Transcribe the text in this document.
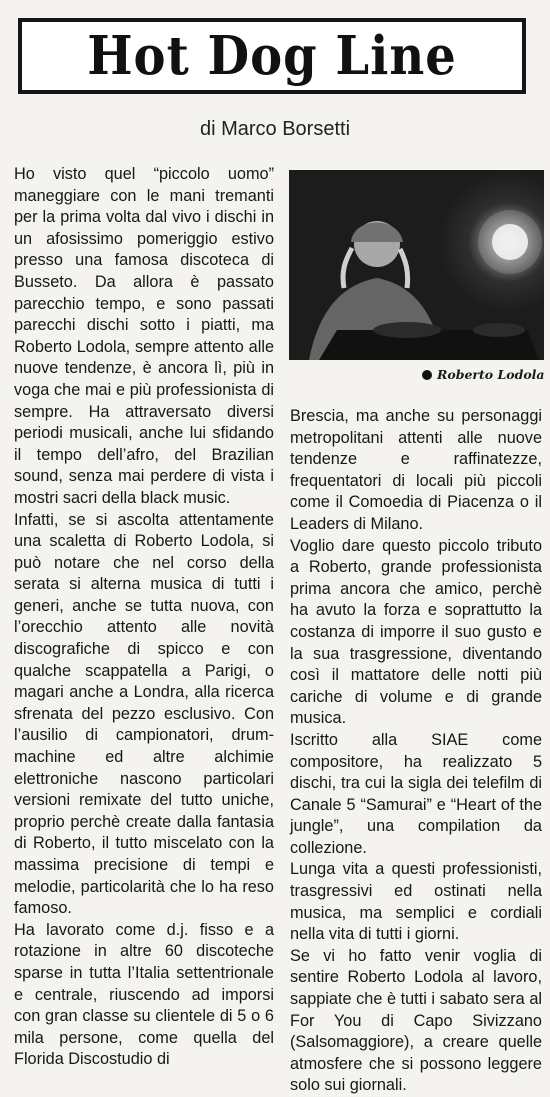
Hot Dog Line
di Marco Borsetti

Ho visto quel “piccolo uomo” maneggiare con le mani tremanti per la prima volta dal vivo i dischi in un afosissimo pomeriggio estivo presso una famosa discoteca di Busseto. Da allora è passato parecchio tempo, e sono passati parecchi dischi sotto i piatti, ma Roberto Lodola, sempre attento alle nuove tendenze, è ancora lì, più in voga che mai e più professionista di sempre. Ha attraversato diversi periodi musicali, anche lui sfidando il tempo dell’afro, del Brazilian sound, senza mai perdere di vista i mostri sacri della black music.

Infatti, se si ascolta attentamente una scaletta di Roberto Lodola, si può notare che nel corso della serata si alterna musica di tutti i generi, anche se tutta nuova, con l’orecchio attento alle novità discografiche di spicco e con qualche scappatella a Parigi, o magari anche a Londra, alla ricerca sfrenata del pezzo esclusivo. Con l’ausilio di campionatori, drum-machine ed altre alchimie elettroniche nascono particolari versioni remixate del tutto uniche, proprio perchè create dalla fantasia di Roberto, il tutto miscelato con la massima precisione di tempi e melodie, particolarità che lo ha reso famoso.

Ha lavorato come d.j. fisso e a rotazione in altre 60 discoteche sparse in tutta l’Italia settentrionale e centrale, riuscendo ad imporsi con gran classe su clientele di 5 o 6 mila persone, come quella del Florida Discostudio di

Roberto Lodola

Brescia, ma anche su personaggi metropolitani attenti alle nuove tendenze e raffinatezze, frequentatori di locali più piccoli come il Comoedia di Piacenza o il Leaders di Milano.

Voglio dare questo piccolo tributo a Roberto, grande professionista prima ancora che amico, perchè ha avuto la forza e soprattutto la costanza di imporre il suo gusto e la sua trasgressione, diventando così il mattatore delle notti più cariche di volume e di grande musica.

Iscritto alla SIAE come compositore, ha realizzato 5 dischi, tra cui la sigla dei telefilm di Canale 5 “Samurai” e “Heart of the jungle”, una compilation da collezione.

Lunga vita a questi professionisti, trasgressivi ed ostinati nella musica, ma semplici e cordiali nella vita di tutti i giorni.

Se vi ho fatto venir voglia di sentire Roberto Lodola al lavoro, sappiate che è tutti i sabato sera al For You di Capo Sivizzano (Salsomaggiore), a creare quelle atmosfere che si possono leggere solo sui giornali.
